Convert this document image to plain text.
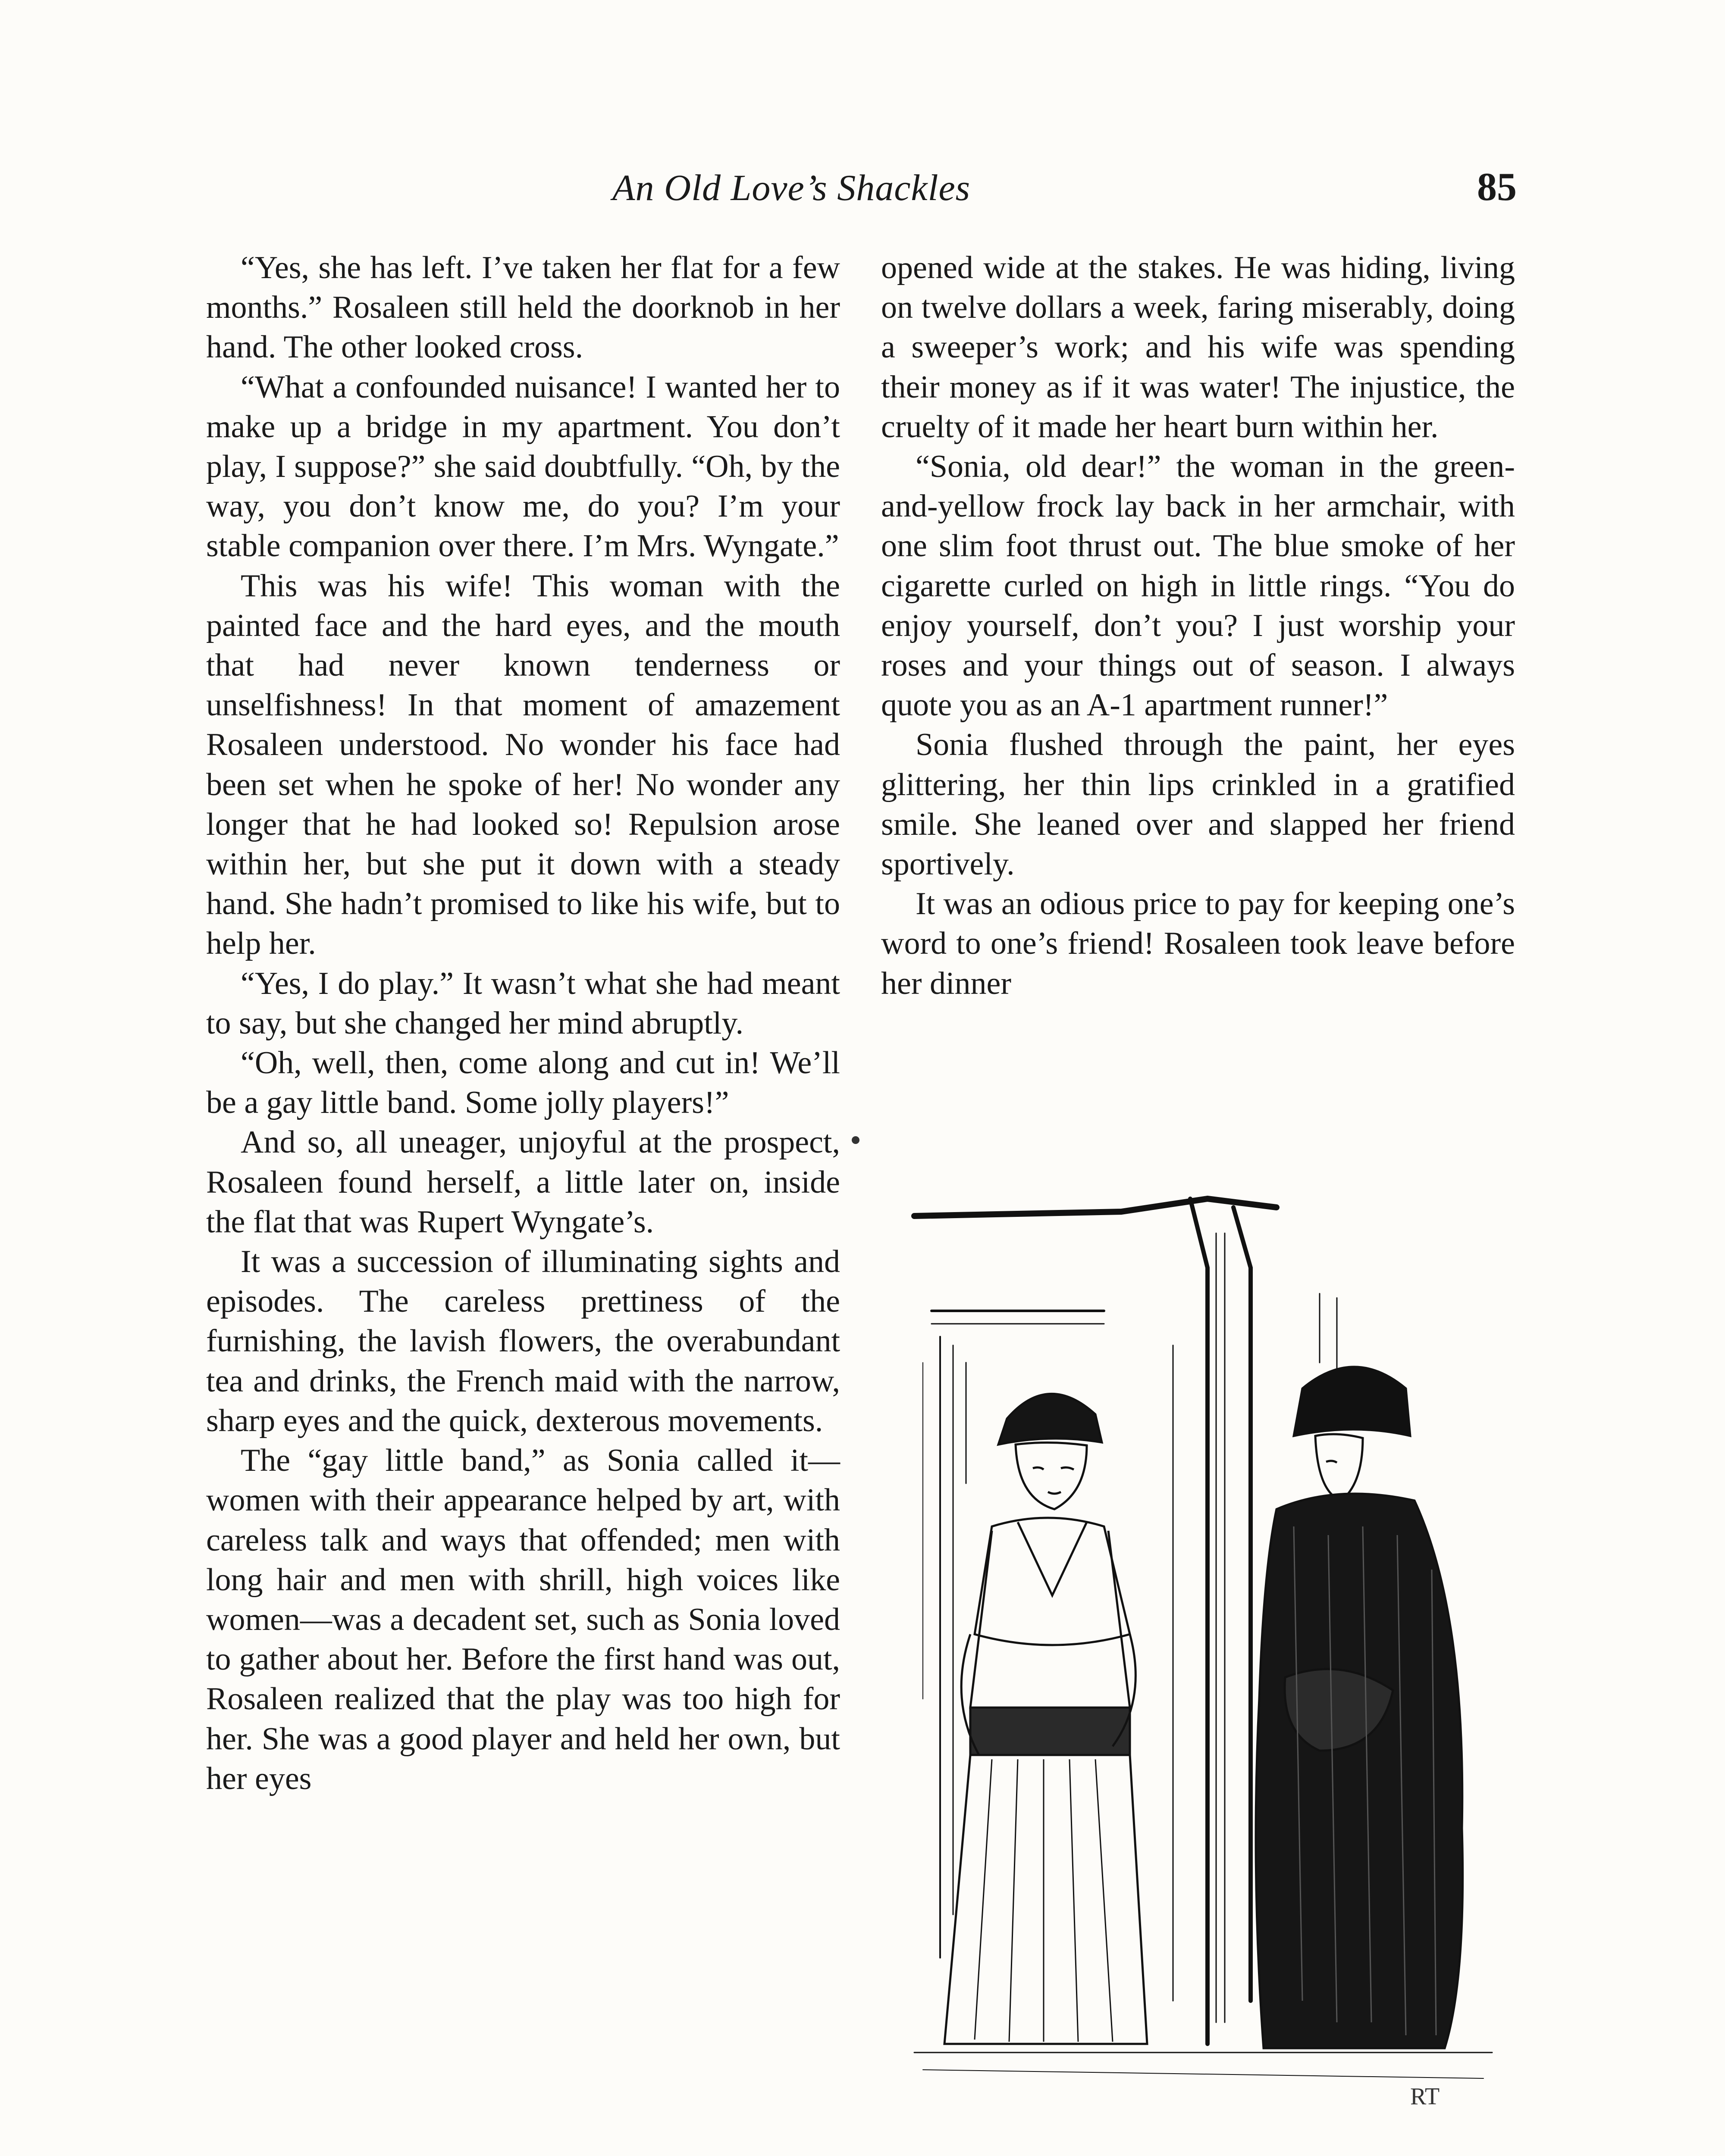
An Old Love’s Shackles	85

“Yes, she has left. I’ve taken her flat for a few months.” Rosaleen still held the doorknob in her hand. The other looked cross.

“What a confounded nuisance! I wanted her to make up a bridge in my apartment. You don’t play, I suppose?” she said doubtfully. “Oh, by the way, you don’t know me, do you? I’m your stable companion over there. I’m Mrs. Wyngate.”

This was his wife! This woman with the painted face and the hard eyes, and the mouth that had never known tenderness or unselfishness! In that moment of amazement Rosaleen understood. No wonder his face had been set when he spoke of her! No wonder any longer that he had looked so! Repulsion arose within her, but she put it down with a steady hand. She hadn’t promised to like his wife, but to help her.

“Yes, I do play.” It wasn’t what she had meant to say, but she changed her mind abruptly.

“Oh, well, then, come along and cut in! We’ll be a gay little band. Some jolly players!”

And so, all uneager, unjoyful at the prospect, Rosaleen found herself, a little later on, inside the flat that was Rupert Wyngate’s.

It was a succession of illuminating sights and episodes. The careless prettiness of the furnishing, the lavish flowers, the overabundant tea and drinks, the French maid with the narrow, sharp eyes and the quick, dexterous movements.

The “gay little band,” as Sonia called it—women with their appearance helped by art, with careless talk and ways that offended; men with long hair and men with shrill, high voices like women—was a decadent set, such as Sonia loved to gather about her. Before the first hand was out, Rosaleen realized that the play was too high for her. She was a good player and held her own, but her eyes

opened wide at the stakes. He was hiding, living on twelve dollars a week, faring miserably, doing a sweeper’s work; and his wife was spending their money as if it was water! The injustice, the cruelty of it made her heart burn within her.

“Sonia, old dear!” the woman in the green-and-yellow frock lay back in her armchair, with one slim foot thrust out. The blue smoke of her cigarette curled on high in little rings. “You do enjoy yourself, don’t you? I just worship your roses and your things out of season. I always quote you as an A-1 apartment runner!”

Sonia flushed through the paint, her eyes glittering, her thin lips crinkled in a gratified smile. She leaned over and slapped her friend sportively.

It was an odious price to pay for keeping one’s word to one’s friend! Rosaleen took leave before her dinner

RT
